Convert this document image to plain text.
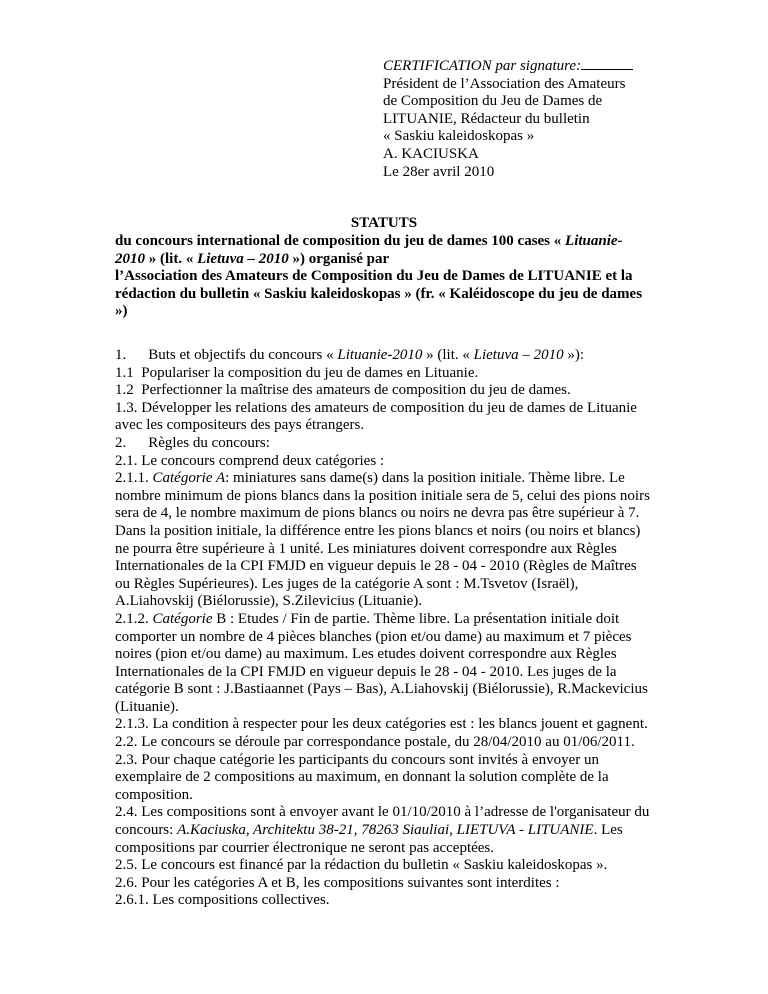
CERTIFICATION par signature:
Président de l’Association des Amateurs
de Composition du Jeu de Dames de
LITUANIE, Rédacteur du bulletin
« Saskiu kaleidoskopas »
A. KACIUSKA
Le 28er avril 2010
STATUTS
du concours international de composition du jeu de dames 100 cases « Lituanie-2010 » (lit. « Lietuva – 2010 ») organisé par
l’Association des Amateurs de Composition du Jeu de Dames de LITUANIE et la rédaction du bulletin « Saskiu kaleidoskopas » (fr. « Kaléidoscope du jeu de dames »)

1. Buts et objectifs du concours « Lituanie-2010 » (lit. « Lietuva – 2010 »):

1.1 Populariser la composition du jeu de dames en Lituanie.

1.2 Perfectionner la maîtrise des amateurs de composition du jeu de dames.

1.3. Développer les relations des amateurs de composition du jeu de dames de Lituanie avec les compositeurs des pays étrangers.

2. Règles du concours:

2.1. Le concours comprend deux catégories :

2.1.1. Catégorie A: miniatures sans dame(s) dans la position initiale. Thème libre. Le nombre minimum de pions blancs dans la position initiale sera de 5, celui des pions noirs sera de 4, le nombre maximum de pions blancs ou noirs ne devra pas être supérieur à 7. Dans la position initiale, la différence entre les pions blancs et noirs (ou noirs et blancs) ne pourra être supérieure à 1 unité. Les miniatures doivent correspondre aux Règles Internationales de la CPI FMJD en vigueur depuis le 28 - 04 - 2010 (Règles de Maîtres ou Règles Supérieures). Les juges de la catégorie A sont : M.Tsvetov (Israël), A.Liahovskij (Biélorussie), S.Zilevicius (Lituanie).

2.1.2. Catégorie B : Etudes / Fin de partie. Thème libre. La présentation initiale doit comporter un nombre de 4 pièces blanches (pion et/ou dame) au maximum et 7 pièces noires (pion et/ou dame) au maximum. Les etudes doivent correspondre aux Règles Internationales de la CPI FMJD en vigueur depuis le 28 - 04 - 2010. Les juges de la catégorie B sont : J.Bastiaannet (Pays – Bas), A.Liahovskij (Biélorussie), R.Mackevicius (Lituanie).

2.1.3. La condition à respecter pour les deux catégories est : les blancs jouent et gagnent.

2.2. Le concours se déroule par correspondance postale, du 28/04/2010 au 01/06/2011.

2.3. Pour chaque catégorie les participants du concours sont invités à envoyer un exemplaire de 2 compositions au maximum, en donnant la solution complète de la composition.

2.4. Les compositions sont à envoyer avant le 01/10/2010 à l’adresse de l'organisateur du concours: A.Kaciuska, Architektu 38-21, 78263 Siauliai, LIETUVA - LITUANIE. Les compositions par courrier électronique ne seront pas acceptées.

2.5. Le concours est financé par la rédaction du bulletin « Saskiu kaleidoskopas ».

2.6. Pour les catégories A et B, les compositions suivantes sont interdites :

2.6.1. Les compositions collectives.
